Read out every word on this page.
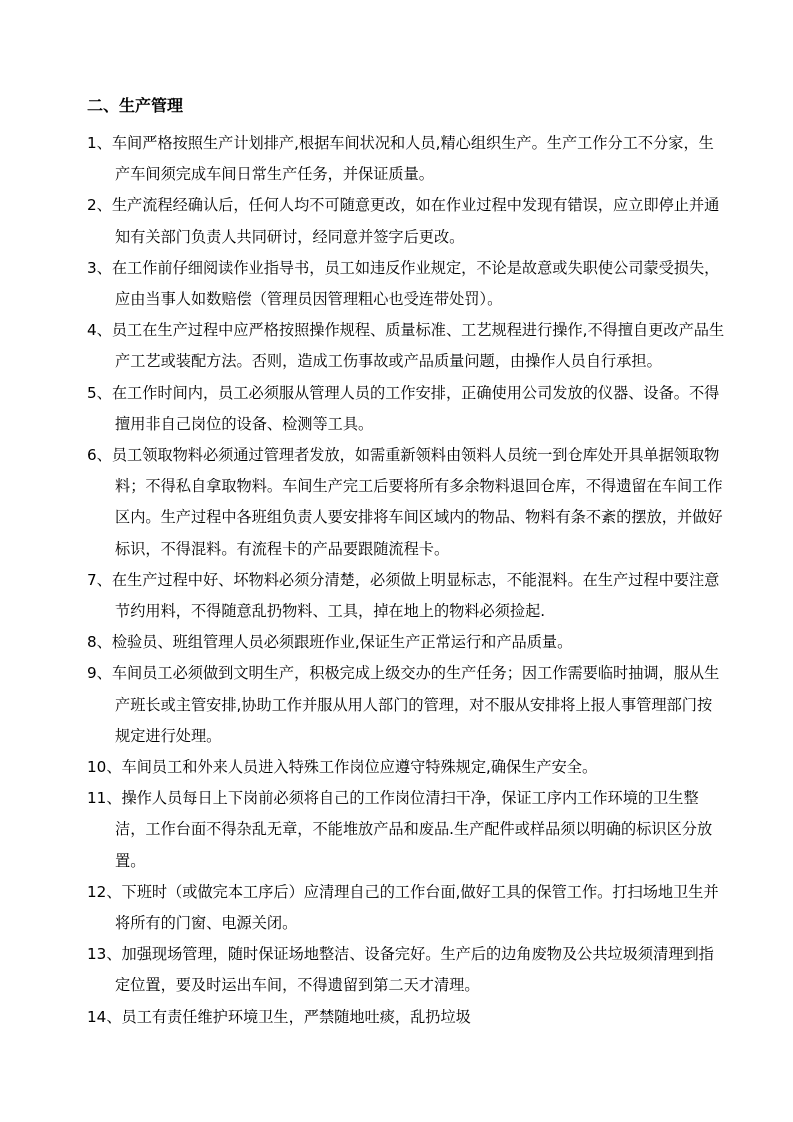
二、生产管理
1、车间严格按照生产计划排产,根据车间状况和人员,精心组织生产。生产工作分工不分家，生产车间须完成车间日常生产任务，并保证质量。
2、生产流程经确认后，任何人均不可随意更改，如在作业过程中发现有错误，应立即停止并通知有关部门负责人共同研讨，经同意并签字后更改。
3、在工作前仔细阅读作业指导书，员工如违反作业规定，不论是故意或失职使公司蒙受损失，应由当事人如数赔偿（管理员因管理粗心也受连带处罚）。
4、员工在生产过程中应严格按照操作规程、质量标准、工艺规程进行操作,不得擅自更改产品生产工艺或装配方法。否则，造成工伤事故或产品质量问题，由操作人员自行承担。
5、在工作时间内，员工必须服从管理人员的工作安排，正确使用公司发放的仪器、设备。不得擅用非自己岗位的设备、检测等工具。
6、员工领取物料必须通过管理者发放，如需重新领料由领料人员统一到仓库处开具单据领取物料；不得私自拿取物料。车间生产完工后要将所有多余物料退回仓库，不得遗留在车间工作区内。生产过程中各班组负责人要安排将车间区域内的物品、物料有条不紊的摆放，并做好标识，不得混料。有流程卡的产品要跟随流程卡。
7、在生产过程中好、坏物料必须分清楚，必须做上明显标志，不能混料。在生产过程中要注意节约用料，不得随意乱扔物料、工具，掉在地上的物料必须捡起.
8、检验员、班组管理人员必须跟班作业,保证生产正常运行和产品质量。
9、车间员工必须做到文明生产，积极完成上级交办的生产任务；因工作需要临时抽调，服从生产班长或主管安排,协助工作并服从用人部门的管理，对不服从安排将上报人事管理部门按规定进行处理。
10、车间员工和外来人员进入特殊工作岗位应遵守特殊规定,确保生产安全。
11、操作人员每日上下岗前必须将自己的工作岗位清扫干净，保证工序内工作环境的卫生整洁，工作台面不得杂乱无章，不能堆放产品和废品.生产配件或样品须以明确的标识区分放置。
12、下班时（或做完本工序后）应清理自己的工作台面,做好工具的保管工作。打扫场地卫生并将所有的门窗、电源关闭。
13、加强现场管理，随时保证场地整洁、设备完好。生产后的边角废物及公共垃圾须清理到指定位置，要及时运出车间，不得遗留到第二天才清理。
14、员工有责任维护环境卫生，严禁随地吐痰，乱扔垃圾
